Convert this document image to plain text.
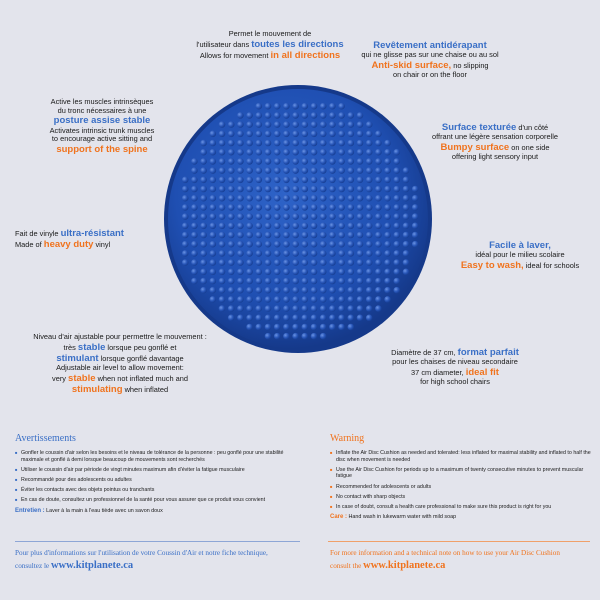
Permet le mouvement de
l'utilisateur dans toutes les directions
Allows for movement in all directions
Revêtement antidérapant
qui ne glisse pas sur une chaise ou au sol
Anti-skid surface, no slipping
on chair or on the floor
Active les muscles intrinsèques
du tronc nécessaires à une
posture assise stable
Activates intrinsic trunk muscles
to encourage active sitting and
support of the spine
Surface texturée d'un côté
offrant une légère sensation corporelle
Bumpy surface on one side
offering light sensory input
Fait de vinyle ultra-résistant
Made of heavy duty vinyl	Facile à laver,
idéal pour le milieu scolaire
Easy to wash, ideal for schools
Niveau d'air ajustable pour permettre le mouvement :
très stable lorsque peu gonflé et
stimulant lorsque gonflé davantage
Adjustable air level to allow movement:
very stable when not inflated much and
stimulating when inflated
Diamètre de 37 cm, format parfait
pour les chaises de niveau secondaire
37 cm diameter, ideal fit
for high school chairs
Avertissements
■ Gonfler le coussin d'air selon les besoins et le niveau de tolérance de la personne : peu gonflé pour une stabilité maximale et gonflé à demi lorsque beaucoup de mouvements sont recherchés
■ Utiliser le coussin d'air par période de vingt minutes maximum afin d'éviter la fatigue musculaire
■ Recommandé pour des adolescents ou adultes
■ Éviter les contacts avec des objets pointus ou tranchants
■ En cas de doute, consultez un professionnel de la santé pour vous assurer que ce produit vous convient
Entretien : Laver à la main à l'eau tiède avec un savon doux
Warning
■ Inflate the Air Disc Cushion as needed and tolerated: less inflated for maximal stability and inflated to half the disc when movement is needed
■ Use the Air Disc Cushion for periods up to a maximum of twenty consecutive minutes to prevent muscular fatigue
■ Recommended for adolescents or adults
■ No contact with sharp objects
■ In case of doubt, consult a health care professional to make sure this product is right for you
Care : Hand wash in lukewarm water with mild soap
Pour plus d'informations sur l'utilisation de votre Coussin d'Air et notre fiche technique,
consultez le www.kitplanete.ca
For more information and a technical note on how to use your Air Disc Cushion
consult the www.kitplanete.ca
